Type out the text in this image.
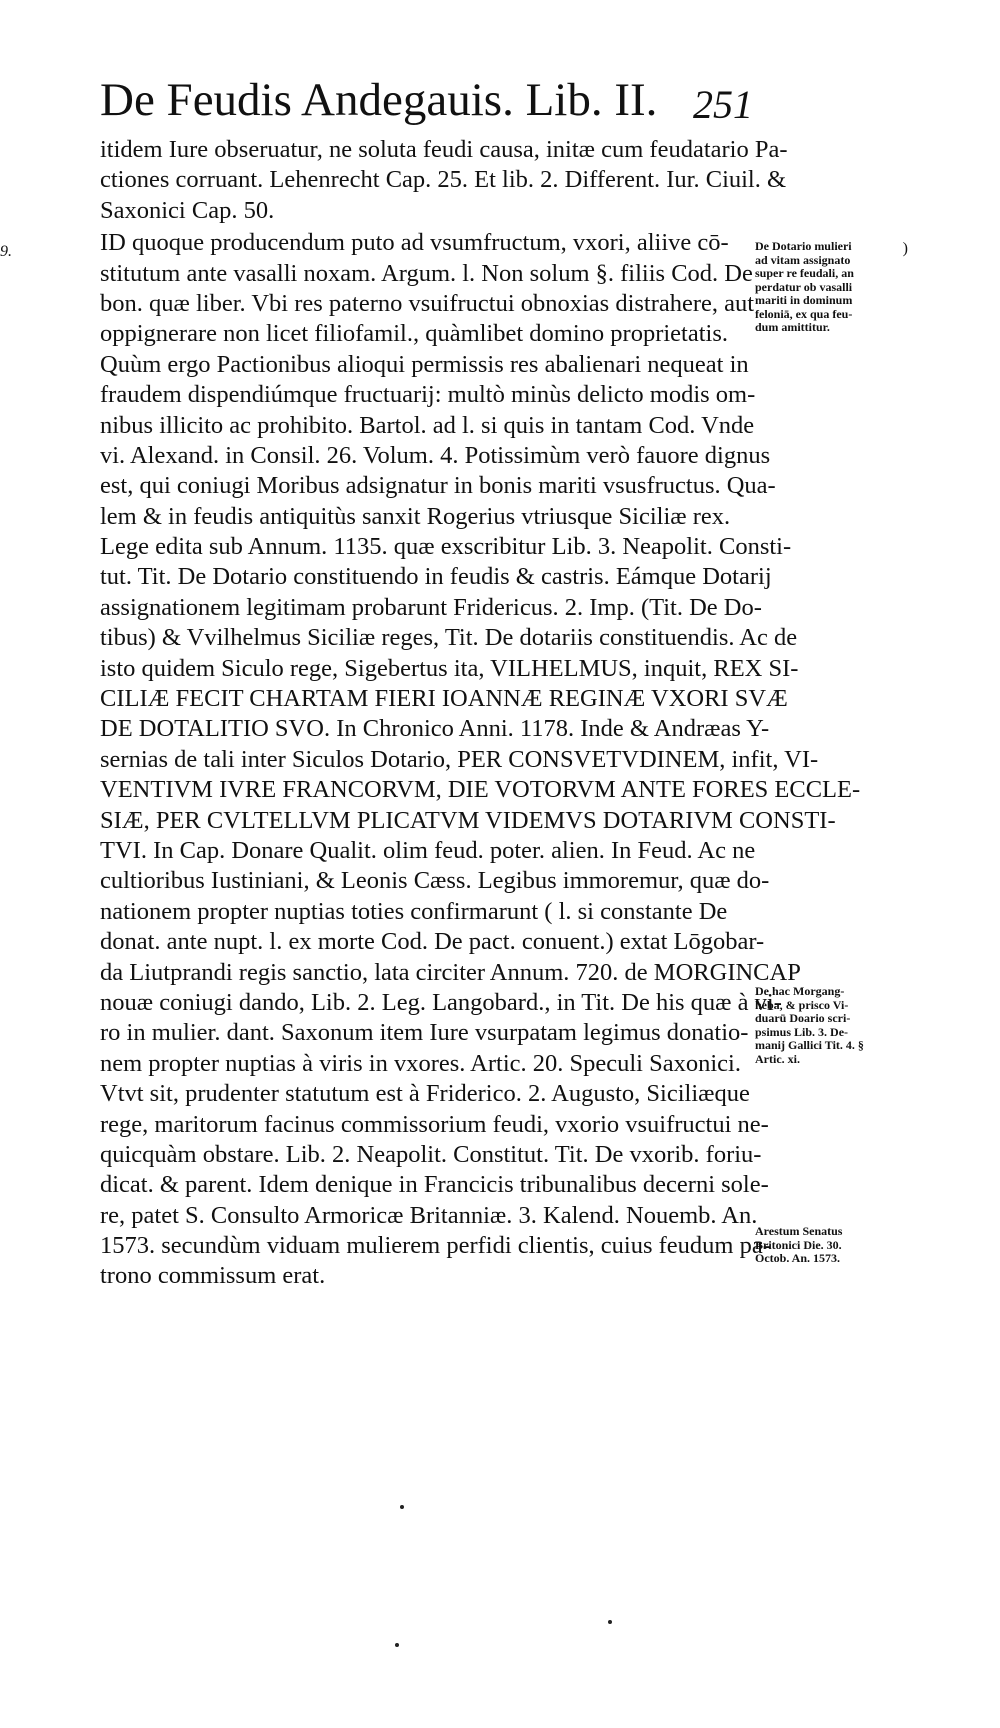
De Feudis Andegauis. Lib. II. 251
9.	)
itidem Iure obseruatur, ne soluta feudi causa, initæ cum feudatario Pa-
ctiones corruant. Lehenrecht Cap. 25. Et lib. 2. Different. Iur. Ciuil. &
Saxonici Cap. 50.
ID quoque producendum puto ad vsumfructum, vxori, aliive cō-
stitutum ante vasalli noxam. Argum. l. Non solum §. filiis Cod. De
bon. quæ liber. Vbi res paterno vsuifructui obnoxias distrahere, aut
oppignerare non licet filiofamil., quàmlibet domino proprietatis.
Quùm ergo Pactionibus alioqui permissis res abalienari nequeat in
fraudem dispendiúmque fructuarij: multò minùs delicto modis om-
nibus illicito ac prohibito. Bartol. ad l. si quis in tantam Cod. Vnde
vi. Alexand. in Consil. 26. Volum. 4. Potissimùm verò fauore dignus
est, qui coniugi Moribus adsignatur in bonis mariti vsusfructus. Qua-
lem & in feudis antiquitùs sanxit Rogerius vtriusque Siciliæ rex.
Lege edita sub Annum. 1135. quæ exscribitur Lib. 3. Neapolit. Consti-
tut. Tit. De Dotario constituendo in feudis & castris. Eámque Dotarij
assignationem legitimam probarunt Fridericus. 2. Imp. (Tit. De Do-
tibus) & Vvilhelmus Siciliæ reges, Tit. De dotariis constituendis. Ac de
isto quidem Siculo rege, Sigebertus ita, VILHELMUS, inquit, REX SI-
CILIÆ FECIT CHARTAM FIERI IOANNÆ REGINÆ VXORI SVÆ
DE DOTALITIO SVO. In Chronico Anni. 1178. Inde & Andræas Y-
sernias de tali inter Siculos Dotario, PER CONSVETVDINEM, infit, VI-
VENTIVM IVRE FRANCORVM, DIE VOTORVM ANTE FORES ECCLE-
SIÆ, PER CVLTELLVM PLICATVM VIDEMVS DOTARIVM CONSTI-
TVI. In Cap. Donare Qualit. olim feud. poter. alien. In Feud. Ac ne
cultioribus Iustiniani, & Leonis Cæss. Legibus immoremur, quæ do-
nationem propter nuptias toties confirmarunt ( l. si constante De
donat. ante nupt. l. ex morte Cod. De pact. conuent.) extat Lōgobar-
da Liutprandi regis sanctio, lata circiter Annum. 720. de MORGINCAP
nouæ coniugi dando, Lib. 2. Leg. Langobard., in Tit. De his quæ à vi-
ro in mulier. dant. Saxonum item Iure vsurpatam legimus donatio-
nem propter nuptias à viris in vxores. Artic. 20. Speculi Saxonici.
Vtvt sit, prudenter statutum est à Friderico. 2. Augusto, Siciliæque
rege, maritorum facinus commissorium feudi, vxorio vsuifructui ne-
quicquàm obstare. Lib. 2. Neapolit. Constitut. Tit. De vxorib. foriu-
dicat. & parent. Idem denique in Francicis tribunalibus decerni sole-
re, patet S. Consulto Armoricæ Britanniæ. 3. Kalend. Nouemb. An.
1573. secundùm viduam mulierem perfidi clientis, cuius feudum pa-
trono commissum erat.
De Dotario mulieri
ad vitam assignato
super re feudali, an
perdatur ob vasalli
mariti in dominum
feloniā, ex qua feu-
dum amittitur.
De hac Morgang-
heba, & prisco Vi-
duarū Doario scri-
psimus Lib. 3. De-
manij Gallici Tit. 4. §
Artic. xi.
Arestum Senatus
Britonici Die. 30.
Octob. An. 1573.
